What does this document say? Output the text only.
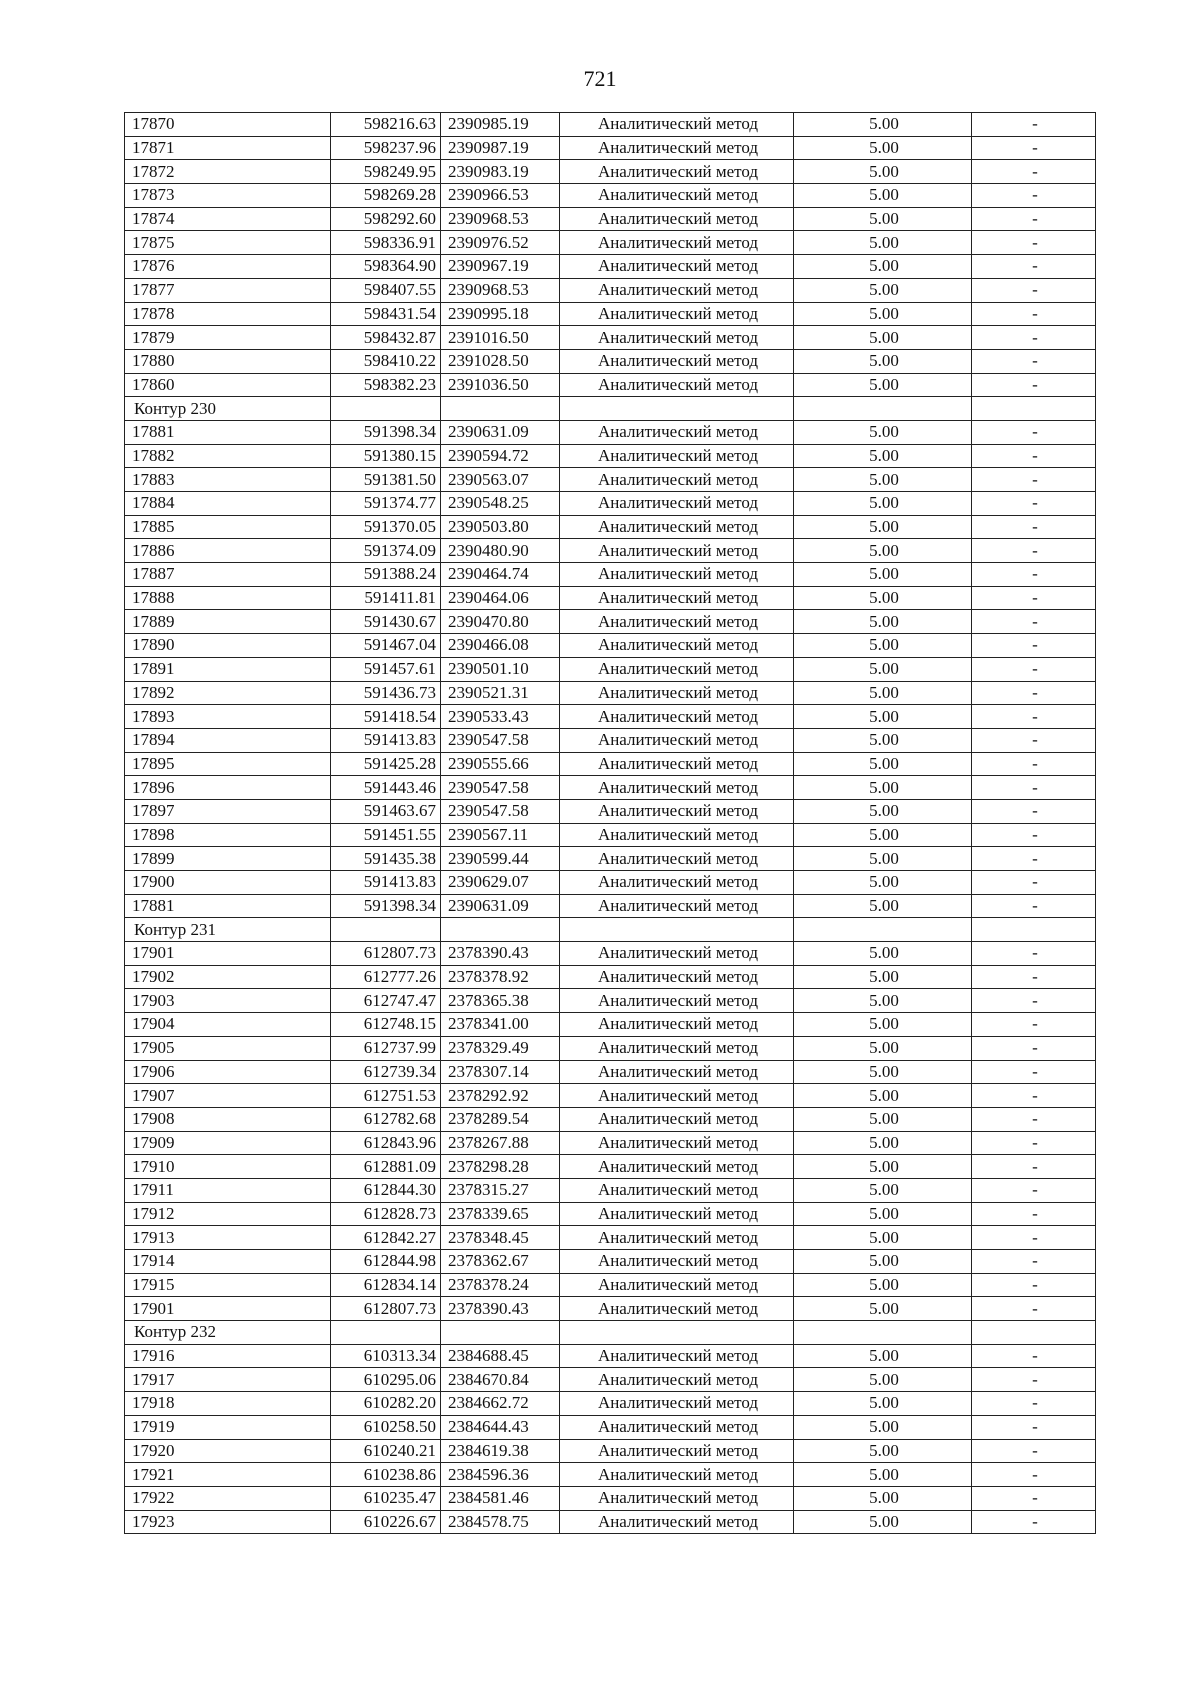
721
17870	598216.63	2390985.19	Аналитический метод	5.00	-
17871	598237.96	2390987.19	Аналитический метод	5.00	-
17872	598249.95	2390983.19	Аналитический метод	5.00	-
17873	598269.28	2390966.53	Аналитический метод	5.00	-
17874	598292.60	2390968.53	Аналитический метод	5.00	-
17875	598336.91	2390976.52	Аналитический метод	5.00	-
17876	598364.90	2390967.19	Аналитический метод	5.00	-
17877	598407.55	2390968.53	Аналитический метод	5.00	-
17878	598431.54	2390995.18	Аналитический метод	5.00	-
17879	598432.87	2391016.50	Аналитический метод	5.00	-
17880	598410.22	2391028.50	Аналитический метод	5.00	-
17860	598382.23	2391036.50	Аналитический метод	5.00	-
Контур 230					
17881	591398.34	2390631.09	Аналитический метод	5.00	-
17882	591380.15	2390594.72	Аналитический метод	5.00	-
17883	591381.50	2390563.07	Аналитический метод	5.00	-
17884	591374.77	2390548.25	Аналитический метод	5.00	-
17885	591370.05	2390503.80	Аналитический метод	5.00	-
17886	591374.09	2390480.90	Аналитический метод	5.00	-
17887	591388.24	2390464.74	Аналитический метод	5.00	-
17888	591411.81	2390464.06	Аналитический метод	5.00	-
17889	591430.67	2390470.80	Аналитический метод	5.00	-
17890	591467.04	2390466.08	Аналитический метод	5.00	-
17891	591457.61	2390501.10	Аналитический метод	5.00	-
17892	591436.73	2390521.31	Аналитический метод	5.00	-
17893	591418.54	2390533.43	Аналитический метод	5.00	-
17894	591413.83	2390547.58	Аналитический метод	5.00	-
17895	591425.28	2390555.66	Аналитический метод	5.00	-
17896	591443.46	2390547.58	Аналитический метод	5.00	-
17897	591463.67	2390547.58	Аналитический метод	5.00	-
17898	591451.55	2390567.11	Аналитический метод	5.00	-
17899	591435.38	2390599.44	Аналитический метод	5.00	-
17900	591413.83	2390629.07	Аналитический метод	5.00	-
17881	591398.34	2390631.09	Аналитический метод	5.00	-
Контур 231					
17901	612807.73	2378390.43	Аналитический метод	5.00	-
17902	612777.26	2378378.92	Аналитический метод	5.00	-
17903	612747.47	2378365.38	Аналитический метод	5.00	-
17904	612748.15	2378341.00	Аналитический метод	5.00	-
17905	612737.99	2378329.49	Аналитический метод	5.00	-
17906	612739.34	2378307.14	Аналитический метод	5.00	-
17907	612751.53	2378292.92	Аналитический метод	5.00	-
17908	612782.68	2378289.54	Аналитический метод	5.00	-
17909	612843.96	2378267.88	Аналитический метод	5.00	-
17910	612881.09	2378298.28	Аналитический метод	5.00	-
17911	612844.30	2378315.27	Аналитический метод	5.00	-
17912	612828.73	2378339.65	Аналитический метод	5.00	-
17913	612842.27	2378348.45	Аналитический метод	5.00	-
17914	612844.98	2378362.67	Аналитический метод	5.00	-
17915	612834.14	2378378.24	Аналитический метод	5.00	-
17901	612807.73	2378390.43	Аналитический метод	5.00	-
Контур 232					
17916	610313.34	2384688.45	Аналитический метод	5.00	-
17917	610295.06	2384670.84	Аналитический метод	5.00	-
17918	610282.20	2384662.72	Аналитический метод	5.00	-
17919	610258.50	2384644.43	Аналитический метод	5.00	-
17920	610240.21	2384619.38	Аналитический метод	5.00	-
17921	610238.86	2384596.36	Аналитический метод	5.00	-
17922	610235.47	2384581.46	Аналитический метод	5.00	-
17923	610226.67	2384578.75	Аналитический метод	5.00	-
